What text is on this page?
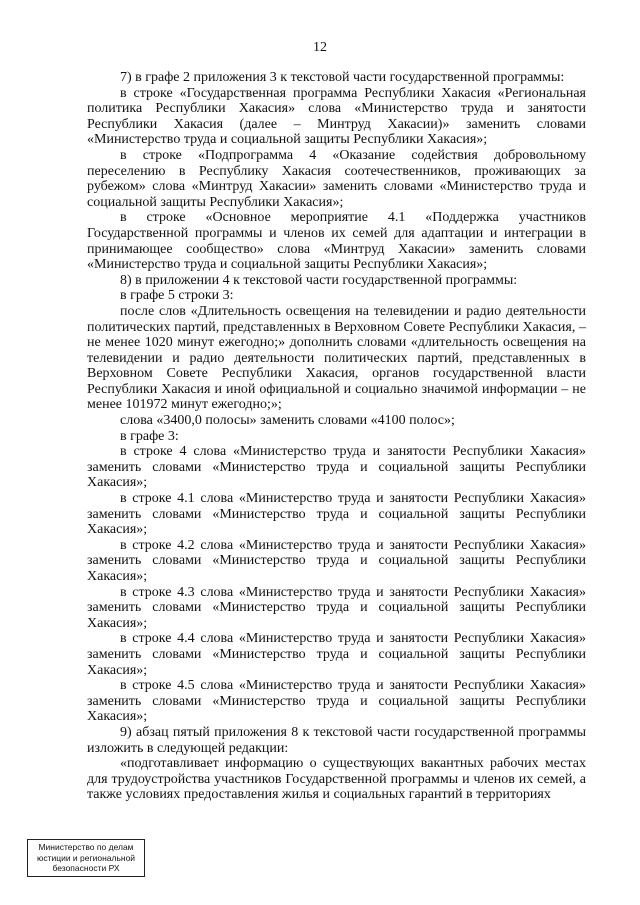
12

7) в графе 2 приложения 3 к текстовой части государственной программы:

в строке «Государственная программа Республики Хакасия «Региональная политика Республики Хакасия» слова «Министерство труда и занятости Республики Хакасия (далее – Минтруд Хакасии)» заменить словами «Министерство труда и социальной защиты Республики Хакасия»;

в строке «Подпрограмма 4 «Оказание содействия добровольному переселению в Республику Хакасия соотечественников, проживающих за рубежом» слова «Минтруд Хакасии» заменить словами «Министерство труда и социальной защиты Республики Хакасия»;

в строке «Основное мероприятие 4.1 «Поддержка участников Государственной программы и членов их семей для адаптации и интеграции в принимающее сообщество» слова «Минтруд Хакасии» заменить словами «Министерство труда и социальной защиты Республики Хакасия»;

8) в приложении 4 к текстовой части государственной программы:

в графе 5 строки 3:

после слов «Длительность освещения на телевидении и радио деятельности политических партий, представленных в Верховном Совете Республики Хакасия, – не менее 1020 минут ежегодно;» дополнить словами «длительность освещения на телевидении и радио деятельности политических партий, представленных в Верховном Совете Республики Хакасия, органов государственной власти Республики Хакасия и иной официальной и социально значимой информации – не менее 101972 минут ежегодно;»;

слова «3400,0 полосы» заменить словами «4100 полос»;

в графе 3:

в строке 4 слова «Министерство труда и занятости Республики Хакасия» заменить словами «Министерство труда и социальной защиты Республики Хакасия»;

в строке 4.1 слова «Министерство труда и занятости Республики Хакасия» заменить словами «Министерство труда и социальной защиты Республики Хакасия»;

в строке 4.2 слова «Министерство труда и занятости Республики Хакасия» заменить словами «Министерство труда и социальной защиты Республики Хакасия»;

в строке 4.3 слова «Министерство труда и занятости Республики Хакасия» заменить словами «Министерство труда и социальной защиты Республики Хакасия»;

в строке 4.4 слова «Министерство труда и занятости Республики Хакасия» заменить словами «Министерство труда и социальной защиты Республики Хакасия»;

в строке 4.5 слова «Министерство труда и занятости Республики Хакасия» заменить словами «Министерство труда и социальной защиты Республики Хакасия»;

9) абзац пятый приложения 8 к текстовой части государственной программы изложить в следующей редакции:

«подготавливает информацию о существующих вакантных рабочих местах для трудоустройства участников Государственной программы и членов их семей, а также условиях предоставления жилья и социальных гарантий в территориях

Министерство по делам
юстиции и региональной
безопасности РХ
